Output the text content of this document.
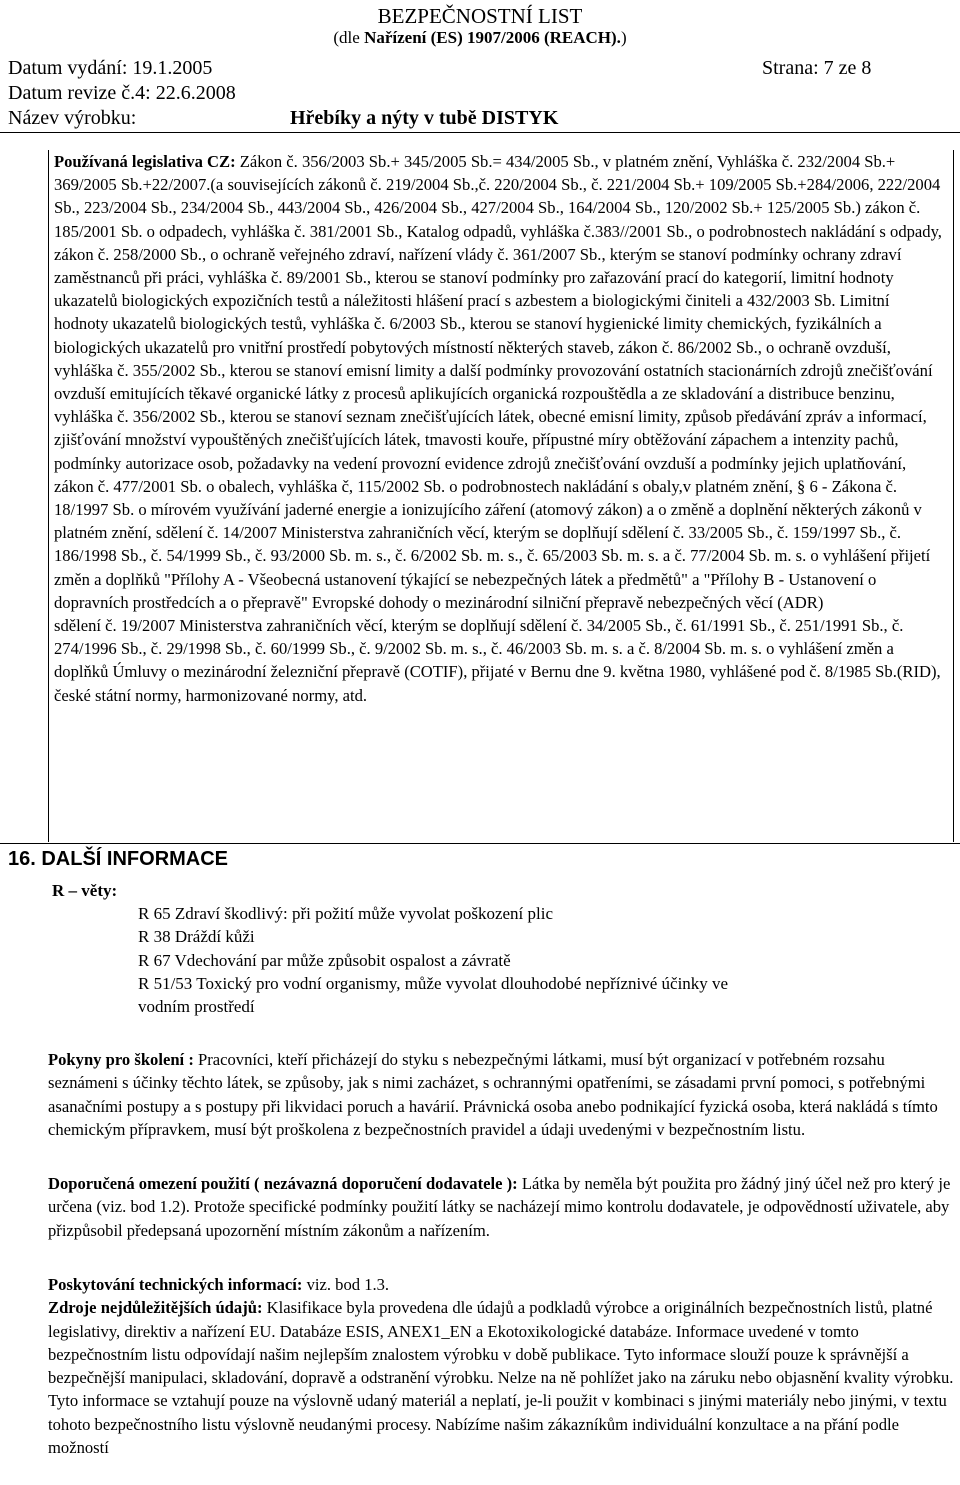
BEZPEČNOSTNÍ LIST
(dle Nařízení (ES) 1907/2006 (REACH).)
Datum vydání: 19.1.2005	Strana: 7 ze 8
Datum revize č.4: 22.6.2008
Název výrobku:	Hřebíky a nýty v tubě DISTYK

Používaná legislativa CZ: Zákon č. 356/2003 Sb.+ 345/2005 Sb.= 434/2005 Sb., v platném znění, Vyhláška č. 232/2004 Sb.+ 369/2005 Sb.+22/2007.(a souvisejících zákonů č. 219/2004 Sb.,č. 220/2004 Sb., č. 221/2004 Sb.+ 109/2005 Sb.+284/2006, 222/2004 Sb., 223/2004 Sb., 234/2004 Sb., 443/2004 Sb., 426/2004 Sb., 427/2004 Sb., 164/2004 Sb., 120/2002 Sb.+ 125/2005 Sb.) zákon č. 185/2001 Sb. o odpadech, vyhláška č. 381/2001 Sb., Katalog odpadů, vyhláška č.383//2001 Sb., o podrobnostech nakládání s odpady, zákon č. 258/2000 Sb., o ochraně veřejného zdraví, nařízení vlády č. 361/2007 Sb., kterým se stanoví podmínky ochrany zdraví zaměstnanců při práci, vyhláška č. 89/2001 Sb., kterou se stanoví podmínky pro zařazování prací do kategorií, limitní hodnoty ukazatelů biologických expozičních testů a náležitosti hlášení prací s azbestem a biologickými činiteli a 432/2003 Sb. Limitní hodnoty ukazatelů biologických testů, vyhláška č. 6/2003 Sb., kterou se stanoví hygienické limity chemických, fyzikálních a biologických ukazatelů pro vnitřní prostředí pobytových místností některých staveb, zákon č. 86/2002 Sb., o ochraně ovzduší, vyhláška č. 355/2002 Sb., kterou se stanoví emisní limity a další podmínky provozování ostatních stacionárních zdrojů znečišťování ovzduší emitujících těkavé organické látky z procesů aplikujících organická rozpouštědla a ze skladování a distribuce benzinu, vyhláška č. 356/2002 Sb., kterou se stanoví seznam znečišťujících látek, obecné emisní limity, způsob předávání zpráv a informací, zjišťování množství vypouštěných znečišťujících látek, tmavosti kouře, přípustné míry obtěžování zápachem a intenzity pachů, podmínky autorizace osob, požadavky na vedení provozní evidence zdrojů znečišťování ovzduší a podmínky jejich uplatňování, zákon č. 477/2001 Sb. o obalech, vyhláška č, 115/2002 Sb. o podrobnostech nakládání s obaly,v platném znění, § 6 - Zákona č. 18/1997 Sb. o mírovém využívání jaderné energie a ionizujícího záření (atomový zákon) a o změně a doplnění některých zákonů v platném znění, sdělení č. 14/2007 Ministerstva zahraničních věcí, kterým se doplňují sdělení č. 33/2005 Sb., č. 159/1997 Sb., č. 186/1998 Sb., č. 54/1999 Sb., č. 93/2000 Sb. m. s., č. 6/2002 Sb. m. s., č. 65/2003 Sb. m. s. a č. 77/2004 Sb. m. s. o vyhlášení přijetí změn a doplňků "Přílohy A - Všeobecná ustanovení týkající se nebezpečných látek a předmětů" a "Přílohy B - Ustanovení o dopravních prostředcích a o přepravě" Evropské dohody o mezinárodní silniční přepravě nebezpečných věcí (ADR)

sdělení č. 19/2007 Ministerstva zahraničních věcí, kterým se doplňují sdělení č. 34/2005 Sb., č. 61/1991 Sb., č. 251/1991 Sb., č. 274/1996 Sb., č. 29/1998 Sb., č. 60/1999 Sb., č. 9/2002 Sb. m. s., č. 46/2003 Sb. m. s. a č. 8/2004 Sb. m. s. o vyhlášení změn a doplňků Úmluvy o mezinárodní železniční přepravě (COTIF), přijaté v Bernu dne 9. května 1980, vyhlášené pod č. 8/1985 Sb.(RID), české státní normy, harmonizované normy, atd.

16. DALŠÍ INFORMACE
R – věty:
R 65 Zdraví škodlivý: při požití může vyvolat poškození plic
R 38 Dráždí kůži
R 67 Vdechování par může způsobit ospalost a závratě
R 51/53 Toxický pro vodní organismy, může vyvolat dlouhodobé nepříznivé účinky ve vodním prostředí

Pokyny pro školení : Pracovníci, kteří přicházejí do styku s nebezpečnými látkami, musí být organizací v potřebném rozsahu seznámeni s účinky těchto látek, se způsoby, jak s nimi zacházet, s ochrannými opatřeními, se zásadami první pomoci, s potřebnými asanačními postupy a s postupy při likvidaci poruch a havárií. Právnická osoba anebo podnikající fyzická osoba, která nakládá s tímto chemickým přípravkem, musí být proškolena z bezpečnostních pravidel a údaji uvedenými v bezpečnostním listu.

Doporučená omezení použití ( nezávazná doporučení dodavatele ): Látka by neměla být použita pro žádný jiný účel než pro který je určena (viz. bod 1.2). Protože specifické podmínky použití látky se nacházejí mimo kontrolu dodavatele, je odpovědností uživatele, aby přizpůsobil předepsaná upozornění místním zákonům a nařízením.

Poskytování technických informací: viz. bod 1.3.

Zdroje nejdůležitějších údajů: Klasifikace byla provedena dle údajů a podkladů výrobce a originálních bezpečnostních listů, platné legislativy, direktiv a nařízení EU. Databáze ESIS, ANEX1_EN a Ekotoxikologické databáze. Informace uvedené v tomto bezpečnostním listu odpovídají našim nejlepším znalostem výrobku v době publikace. Tyto informace slouží pouze k správnější a bezpečnější manipulaci, skladování, dopravě a odstranění výrobku. Nelze na ně pohlížet jako na záruku nebo objasnění kvality výrobku. Tyto informace se vztahují pouze na výslovně udaný materiál a neplatí, je-li použit v kombinaci s jinými materiály nebo jinými, v textu tohoto bezpečnostního listu výslovně neudanými procesy. Nabízíme našim zákazníkům individuální konzultace a na přání podle možností
